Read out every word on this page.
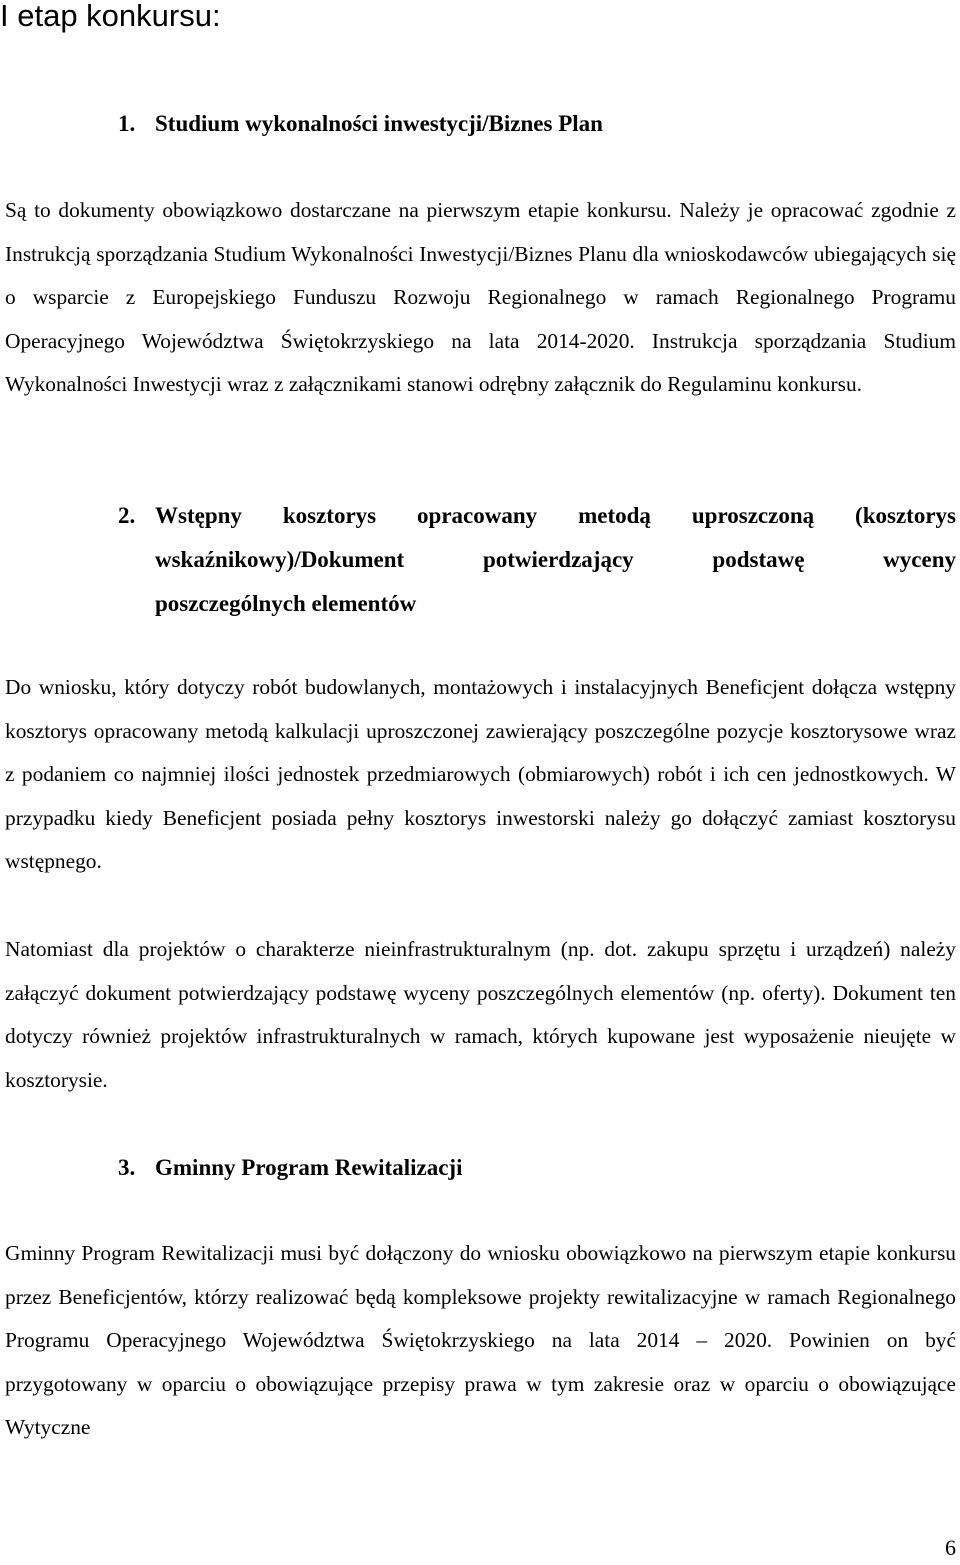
I etap konkursu:
1. Studium wykonalności inwestycji/Biznes Plan

Są to dokumenty obowiązkowo dostarczane na pierwszym etapie konkursu. Należy je opracować zgodnie z Instrukcją sporządzania Studium Wykonalności Inwestycji/Biznes Planu dla wnioskodawców ubiegających się o wsparcie z Europejskiego Funduszu Rozwoju Regionalnego w ramach Regionalnego Programu Operacyjnego Województwa Świętokrzyskiego na lata 2014-2020. Instrukcja sporządzania Studium Wykonalności Inwestycji wraz z załącznikami stanowi odrębny załącznik do Regulaminu konkursu.

2. Wstępny kosztorys opracowany metodą uproszczoną (kosztorys
wskaźnikowy)/Dokument potwierdzający podstawę wyceny
poszczególnych elementów

Do wniosku, który dotyczy robót budowlanych, montażowych i instalacyjnych Beneficjent dołącza wstępny kosztorys opracowany metodą kalkulacji uproszczonej zawierający poszczególne pozycje kosztorysowe wraz z podaniem co najmniej ilości jednostek przedmiarowych (obmiarowych) robót i ich cen jednostkowych. W przypadku kiedy Beneficjent posiada pełny kosztorys inwestorski należy go dołączyć zamiast kosztorysu wstępnego.

Natomiast dla projektów o charakterze nieinfrastrukturalnym (np. dot. zakupu sprzętu i urządzeń) należy załączyć dokument potwierdzający podstawę wyceny poszczególnych elementów (np. oferty). Dokument ten dotyczy również projektów infrastrukturalnych w ramach, których kupowane jest wyposażenie nieujęte w kosztorysie.

3. Gminny Program Rewitalizacji

Gminny Program Rewitalizacji musi być dołączony do wniosku obowiązkowo na pierwszym etapie konkursu przez Beneficjentów, którzy realizować będą kompleksowe projekty rewitalizacyjne w ramach Regionalnego Programu Operacyjnego Województwa Świętokrzyskiego na lata 2014 – 2020. Powinien on być przygotowany w oparciu o obowiązujące przepisy prawa w tym zakresie oraz w oparciu o obowiązujące Wytyczne

6
